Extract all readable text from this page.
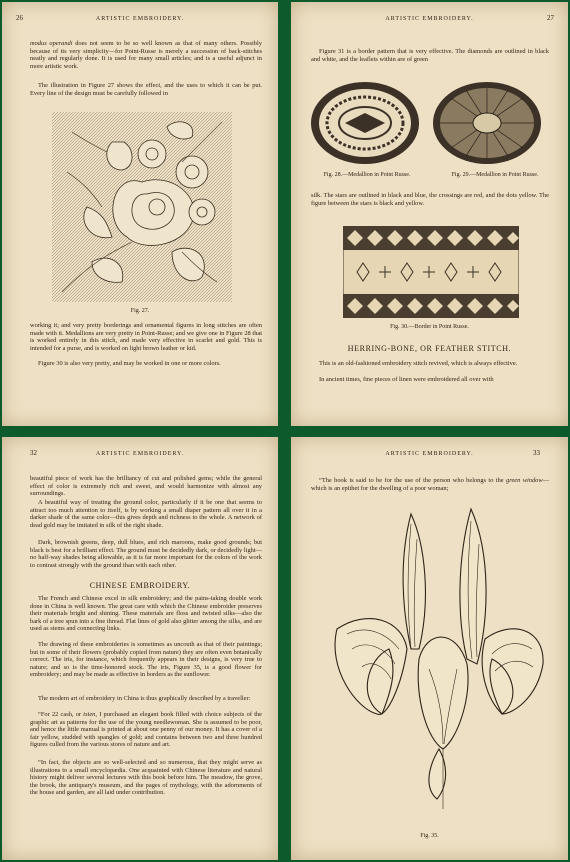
26	ARTISTIC EMBROIDERY.

modus operandi does not seem to be so well known as that of many others. Possibly because of its very simplicity—for Point-Russe is merely a succession of back-stitches neatly and regularly done. It is used for many small articles; and is a useful adjunct in more artistic work.

The illustration in Figure 27 shows the effect, and the uses to which it can be put. Every line of the design must be carefully followed in

Fig. 27.

working it; and very pretty borderings and ornamental figures in long stitches are often made with it. Medallions are very pretty in Point-Russe; and we give one in Figure 28 that is worked entirely in this stitch, and made very effective in scarlet and gold. This is intended for a purse, and is worked on light brown leather or kid.

Figure 30 is also very pretty, and may be worked in one or more colors.

27
ARTISTIC EMBROIDERY.

Figure 31 is a border pattern that is very effective. The diamonds are outlined in black and white, and the leaflets within are of green

Fig. 28.—Medallion in Point Russe.	Fig. 29.—Medallion in Point Russe.

silk. The stars are outlined in black and blue, the crossings are red, and the dots yellow. The figure between the stars is black and yellow.

Fig. 30.—Border in Point Russe.
HERRING-BONE, OR FEATHER STITCH.

This is an old-fashioned embroidery stitch revived, which is always effective.

In ancient times, fine pieces of linen were embroidered all over with

32	ARTISTIC EMBROIDERY.

beautiful piece of work has the brilliancy of cut and polished gems; while the general effect of color is extremely rich and sweet, and would harmonize with almost any surroundings.

A beautiful way of treating the ground color, particularly if it be one that seems to attract too much attention to itself, is by working a small diaper pattern all over it in a darker shade of the same color—this gives depth and richness to the whole. A network of dead gold may be imitated in silk of the right shade.

Dark, brownish greens, deep, dull blues, and rich maroons, make good grounds; but black is best for a brilliant effect. The ground must be decidedly dark, or decidedly light—no half-way shades being allowable, as it is far more important for the colors of the work to contrast strongly with the ground than with each other.

CHINESE EMBROIDERY.

The French and Chinese excel in silk embroidery; and the pains-taking double work done in China is well known. The great care with which the Chinese embroider preserves their materials bright and shining. These materials are floss and twisted silks—also the bark of a tree spun into a fine thread. Flat lines of gold also glitter among the silks, and are used as stems and connecting links.

The drawing of these embroideries is sometimes as uncouth as that of their paintings; but in some of their flowers (probably copied from nature) they are often even botanically correct. The iris, for instance, which frequently appears in their designs, is very true to nature; and so is the time-honored stock. The iris, Figure 35, is a good flower for embroidery; and may be made as effective in borders as the sunflower.

The modern art of embroidery in China is thus graphically described by a traveller:

“For 22 cash, or tsien, I purchased an elegant book filled with choice subjects of the graphic art as patterns for the use of the young needlewoman. She is assumed to be poor, and hence the little manual is printed at about one penny of our money. It has a cover of a fair yellow, studded with spangles of gold; and contains between two and three hundred figures culled from the various stores of nature and art.

“In fact, the objects are so well-selected and so numerous, that they might serve as illustrations to a small encyclopædia. One acquainted with Chinese literature and natural history might deliver several lectures with this book before him. The meadow, the grove, the brook, the antiquary's museum, and the pages of mythology, with the adornments of the house and garden, are all laid under contribution.

33
ARTISTIC EMBROIDERY.

“The book is said to be for the use of the person who belongs to the green window—which is an epithet for the dwelling of a poor woman;

Fig. 35.
